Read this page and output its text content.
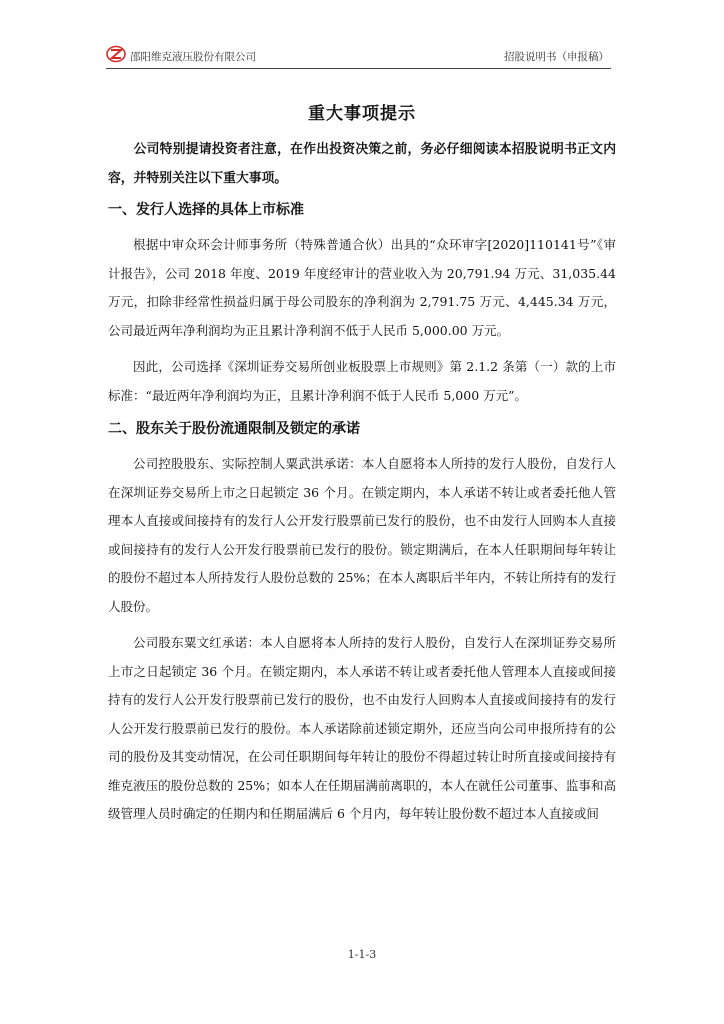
邵阳维克液压股份有限公司	招股说明书（申报稿）
重大事项提示

公司特别提请投资者注意，在作出投资决策之前，务必仔细阅读本招股说明书正文内容，并特别关注以下重大事项。

一、发行人选择的具体上市标准

根据中审众环会计师事务所（特殊普通合伙）出具的“众环审字[2020]110141号”《审计报告》，公司 2018 年度、2019 年度经审计的营业收入为 20,791.94 万元、31,035.44 万元，扣除非经常性损益归属于母公司股东的净利润为 2,791.75 万元、4,445.34 万元，公司最近两年净利润均为正且累计净利润不低于人民币 5,000.00 万元。

因此，公司选择《深圳证券交易所创业板股票上市规则》第 2.1.2 条第（一）款的上市标准：“最近两年净利润均为正，且累计净利润不低于人民币 5,000 万元”。

二、股东关于股份流通限制及锁定的承诺

公司控股股东、实际控制人粟武洪承诺：本人自愿将本人所持的发行人股份，自发行人在深圳证券交易所上市之日起锁定 36 个月。在锁定期内，本人承诺不转让或者委托他人管理本人直接或间接持有的发行人公开发行股票前已发行的股份，也不由发行人回购本人直接或间接持有的发行人公开发行股票前已发行的股份。锁定期满后，在本人任职期间每年转让的股份不超过本人所持发行人股份总数的 25%；在本人离职后半年内，不转让所持有的发行人股份。

公司股东粟文红承诺：本人自愿将本人所持的发行人股份，自发行人在深圳证券交易所上市之日起锁定 36 个月。在锁定期内，本人承诺不转让或者委托他人管理本人直接或间接持有的发行人公开发行股票前已发行的股份，也不由发行人回购本人直接或间接持有的发行人公开发行股票前已发行的股份。本人承诺除前述锁定期外，还应当向公司申报所持有的公司的股份及其变动情况，在公司任职期间每年转让的股份不得超过转让时所直接或间接持有维克液压的股份总数的 25%；如本人在任期届满前离职的，本人在就任公司董事、监事和高级管理人员时确定的任期内和任期届满后 6 个月内，每年转让股份数不超过本人直接或间

1-1-3
